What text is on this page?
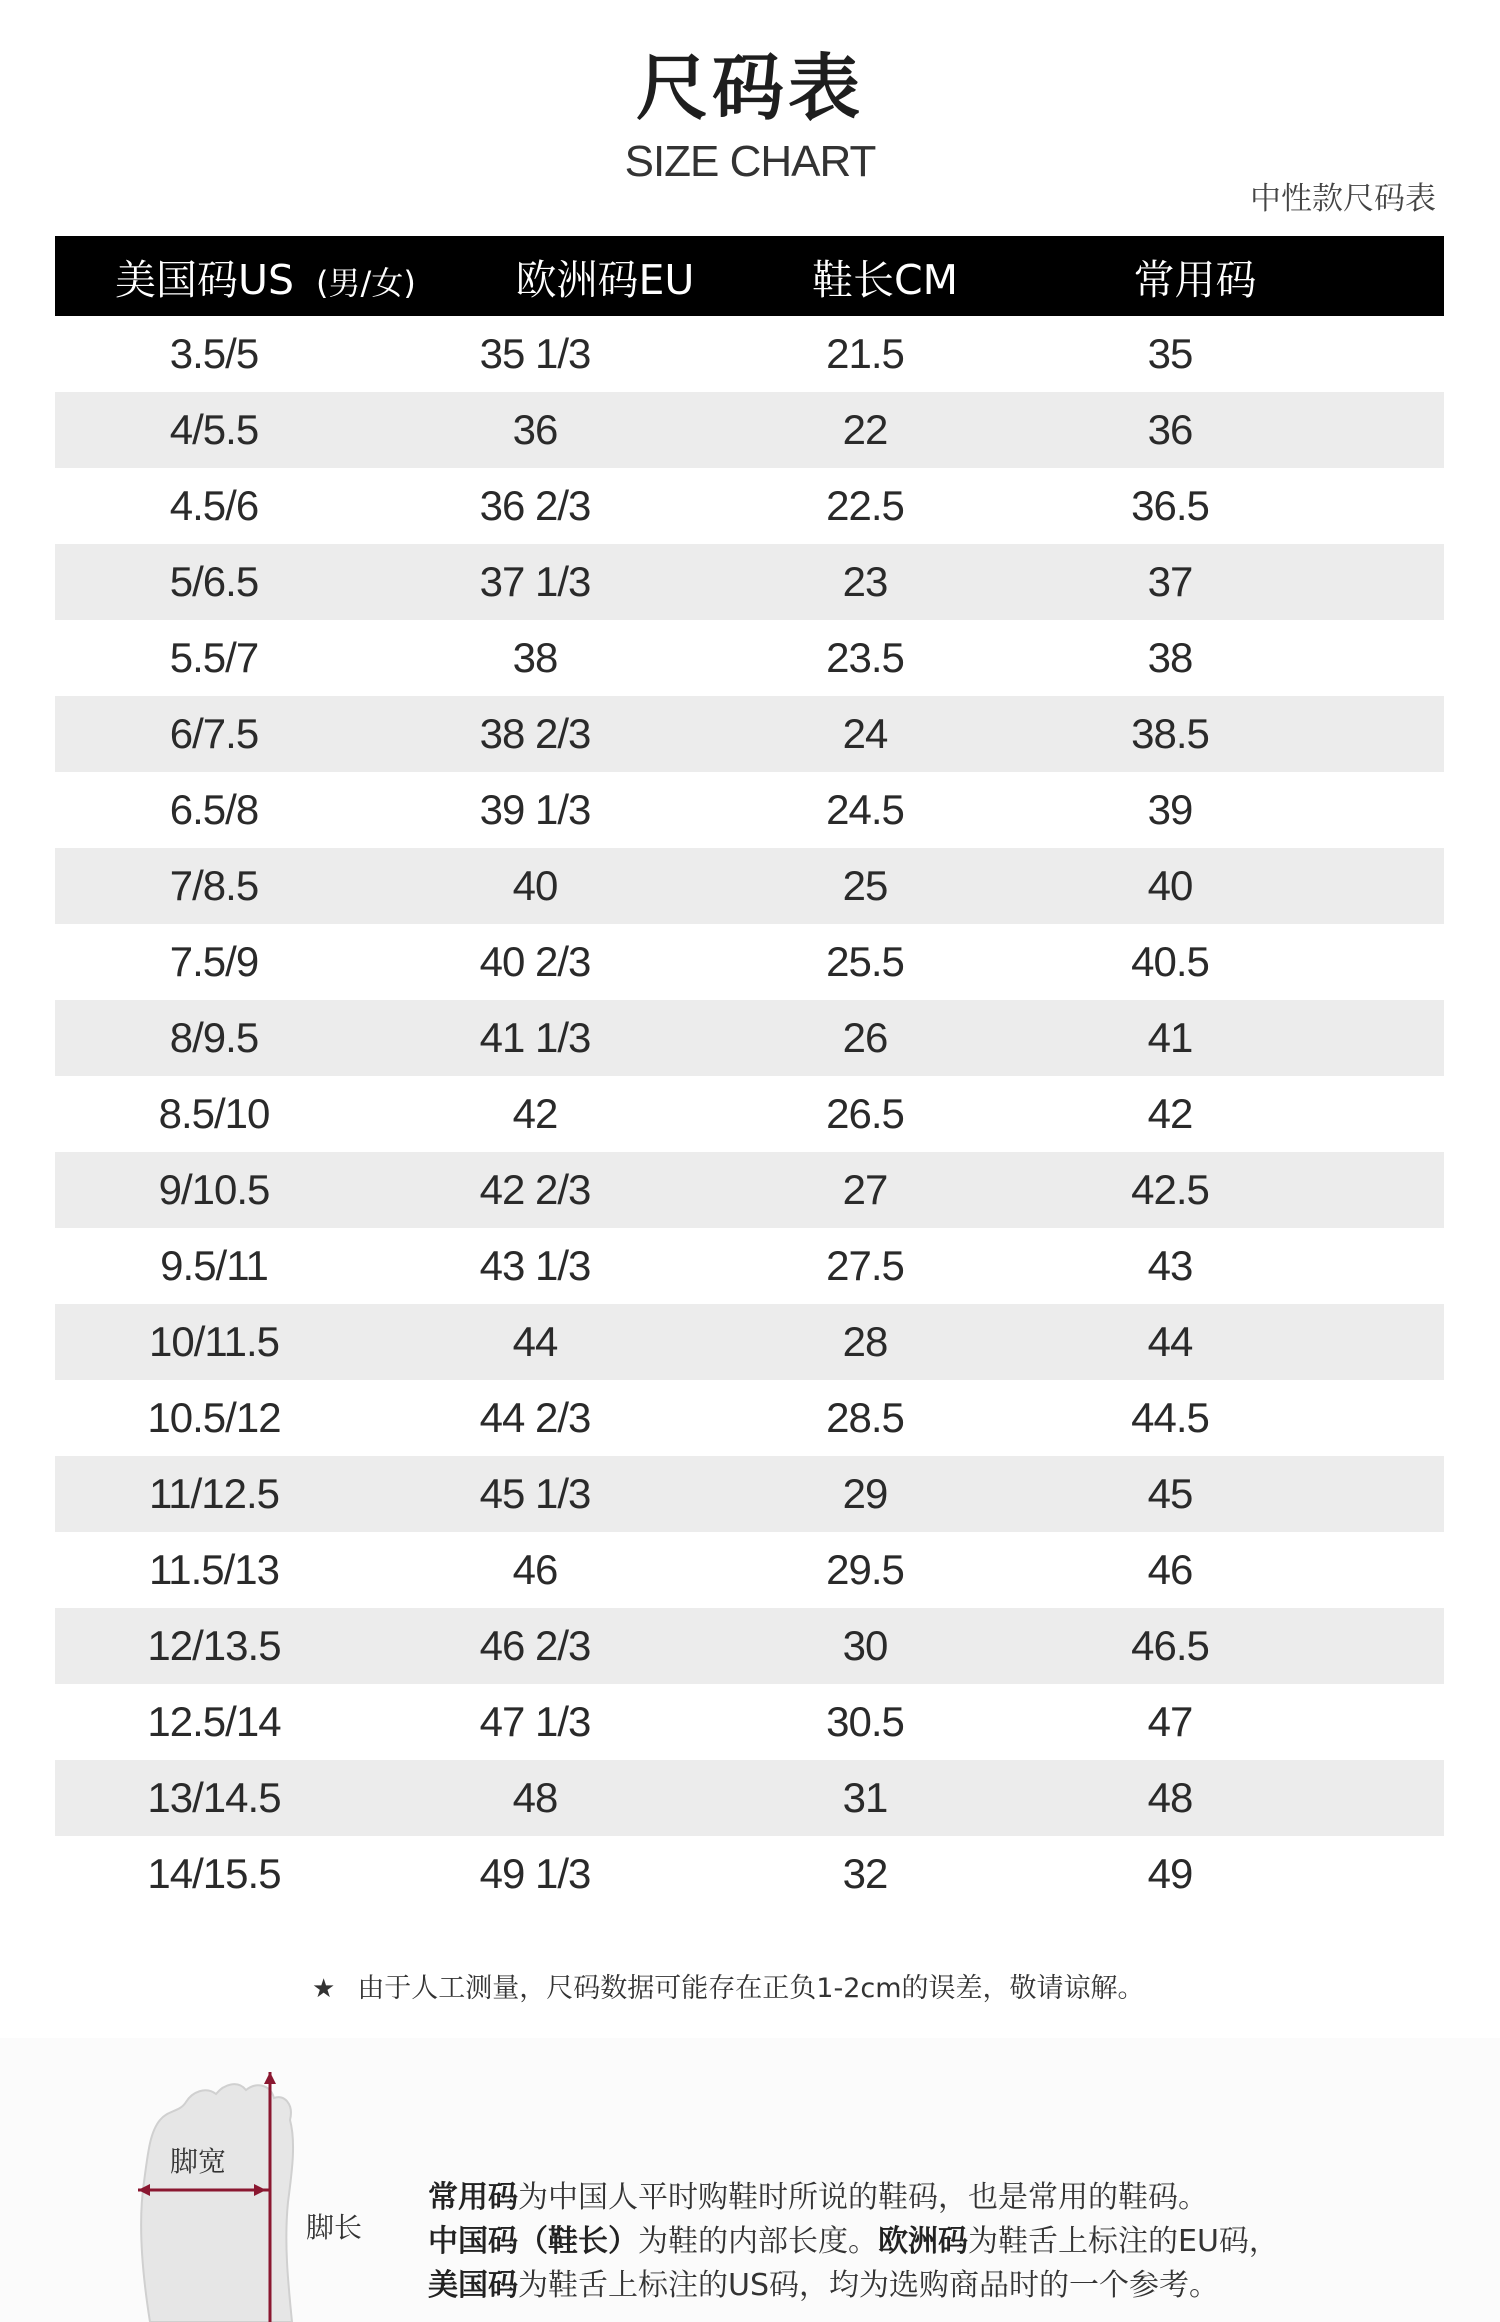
尺码表
SIZE CHART
中性款尺码表
美国码US (男/女)	欧洲码EU	鞋长CM	常用码
3.5/5	35 1/3	21.5	35
4/5.5	36	22	36
4.5/6	36 2/3	22.5	36.5
5/6.5	37 1/3	23	37
5.5/7	38	23.5	38
6/7.5	38 2/3	24	38.5
6.5/8	39 1/3	24.5	39
7/8.5	40	25	40
7.5/9	40 2/3	25.5	40.5
8/9.5	41 1/3	26	41
8.5/10	42	26.5	42
9/10.5	42 2/3	27	42.5
9.5/11	43 1/3	27.5	43
10/11.5	44	28	44
10.5/12	44 2/3	28.5	44.5
11/12.5	45 1/3	29	45
11.5/13	46	29.5	46
12/13.5	46 2/3	30	46.5
12.5/14	47 1/3	30.5	47
13/14.5	48	31	48
14/15.5	49 1/3	32	49
★ 由于人工测量，尺码数据可能存在正负1-2cm的误差，敬请谅解。
脚宽
脚长
常用码为中国人平时购鞋时所说的鞋码，也是常用的鞋码。
中国码（鞋长）为鞋的内部长度。欧洲码为鞋舌上标注的EU码，美国码为鞋舌上标注的US码，均为选购商品时的一个参考。
